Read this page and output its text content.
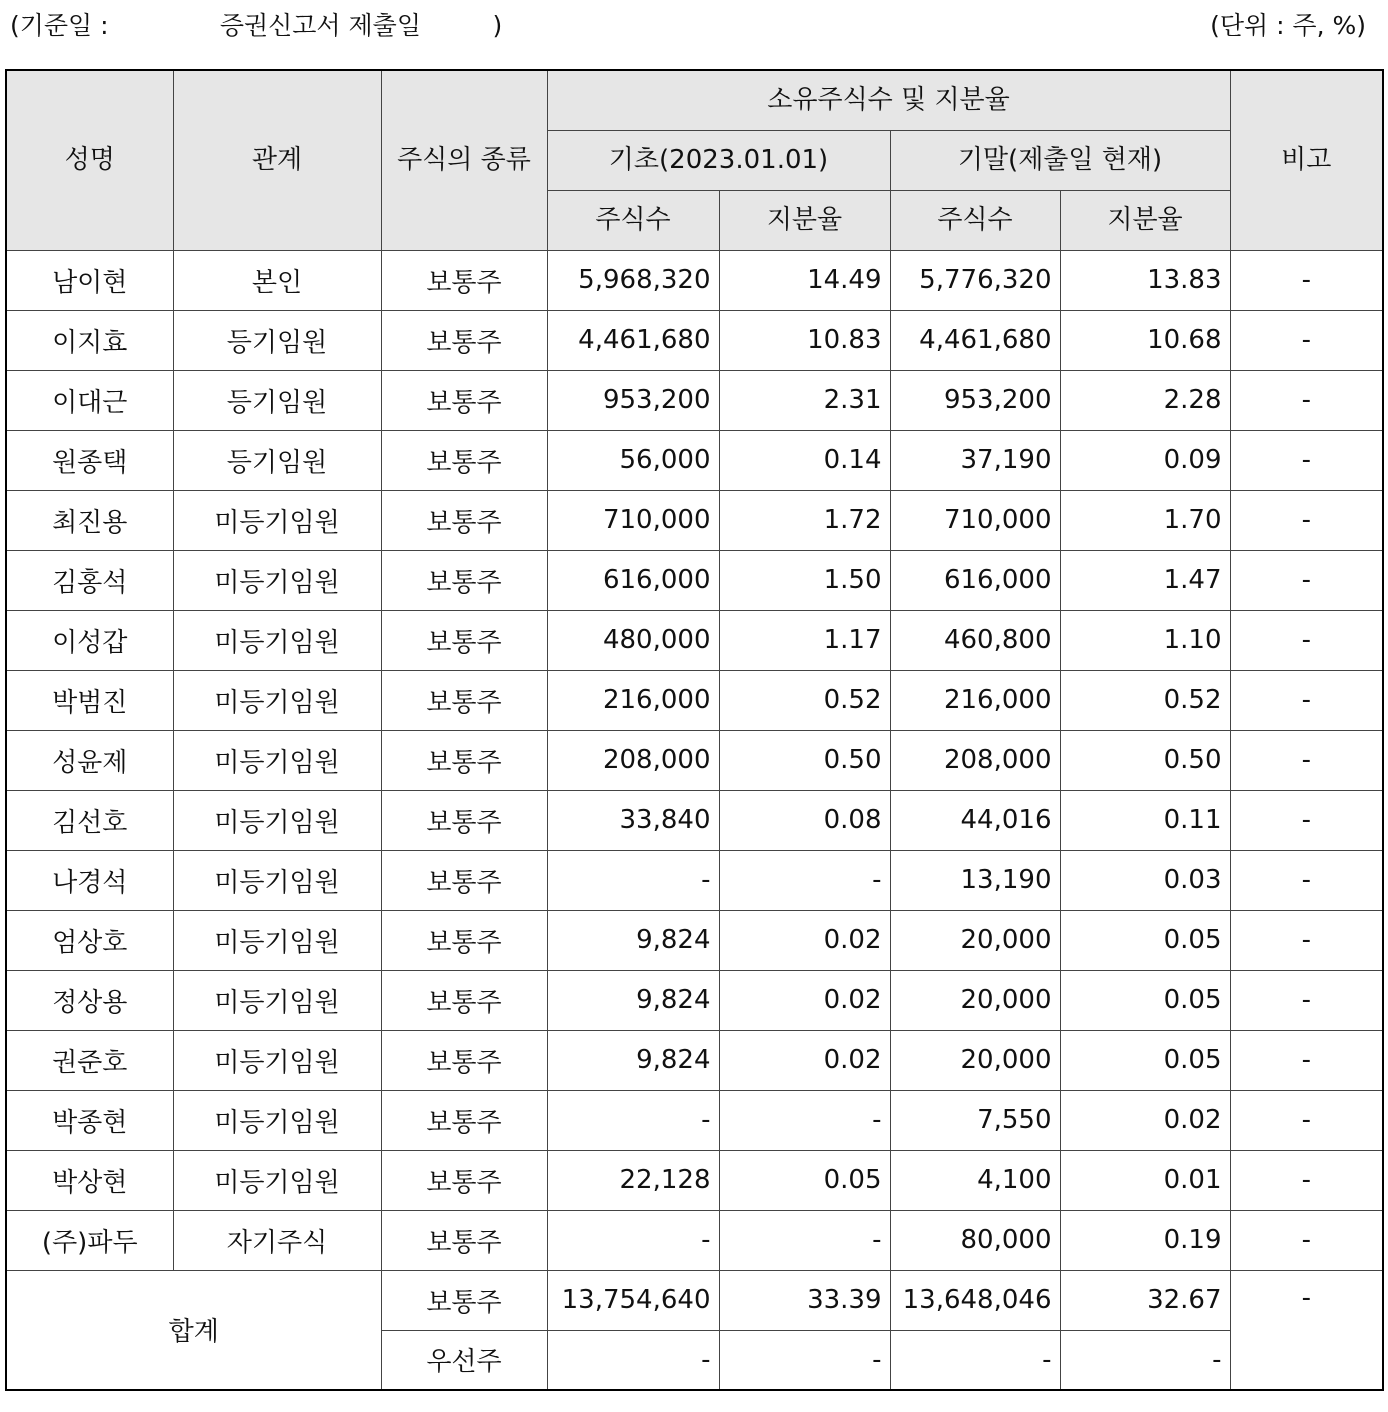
(기준일 :              증권신고서 제출일         )	(단위 : 주, %)
성명	관계	주식의 종류	소유주식수 및 지분율				비고
			기초(2023.01.01)		기말(제출일 현재)		
			주식수	지분율	주식수	지분율	
남이현	본인	보통주	5,968,320	14.49	5,776,320	13.83	-
이지효	등기임원	보통주	4,461,680	10.83	4,461,680	10.68	-
이대근	등기임원	보통주	953,200	2.31	953,200	2.28	-
원종택	등기임원	보통주	56,000	0.14	37,190	0.09	-
최진용	미등기임원	보통주	710,000	1.72	710,000	1.70	-
김홍석	미등기임원	보통주	616,000	1.50	616,000	1.47	-
이성갑	미등기임원	보통주	480,000	1.17	460,800	1.10	-
박범진	미등기임원	보통주	216,000	0.52	216,000	0.52	-
성윤제	미등기임원	보통주	208,000	0.50	208,000	0.50	-
김선호	미등기임원	보통주	33,840	0.08	44,016	0.11	-
나경석	미등기임원	보통주	-	-	13,190	0.03	-
엄상호	미등기임원	보통주	9,824	0.02	20,000	0.05	-
정상용	미등기임원	보통주	9,824	0.02	20,000	0.05	-
권준호	미등기임원	보통주	9,824	0.02	20,000	0.05	-
박종현	미등기임원	보통주	-	-	7,550	0.02	-
박상현	미등기임원	보통주	22,128	0.05	4,100	0.01	-
(주)파두	자기주식	보통주	-	-	80,000	0.19	-
합계		보통주	13,754,640	33.39	13,648,046	32.67	-
		우선주	-	-	-	-	
